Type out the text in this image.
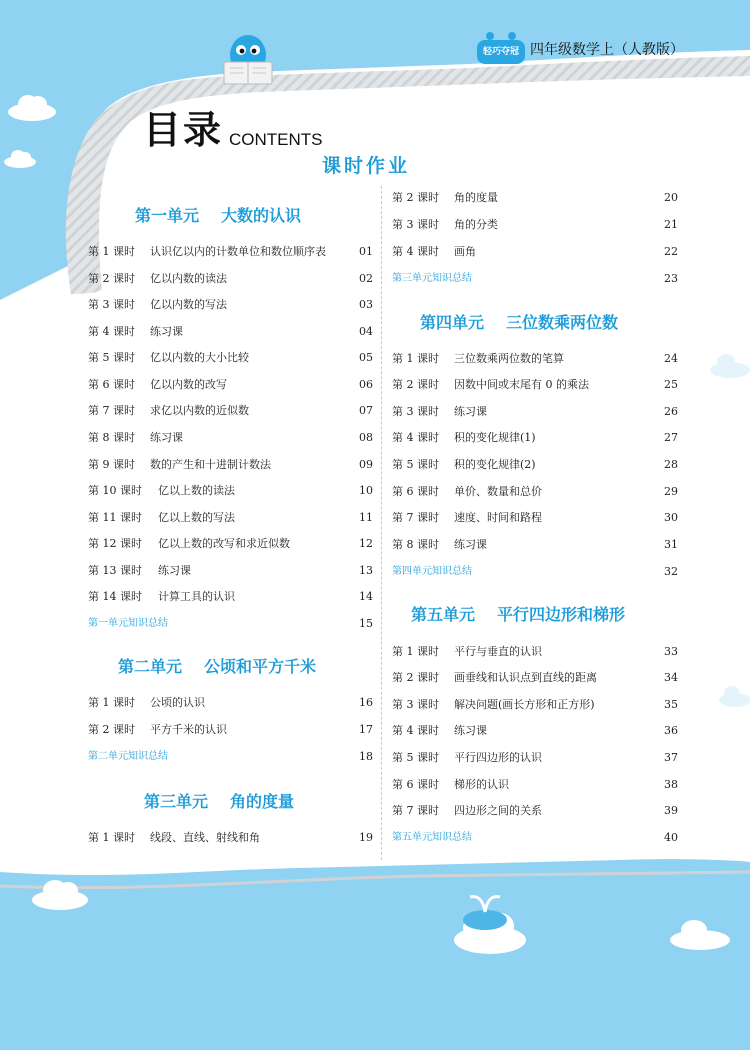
轻巧夺冠 四年级数学上（人教版）
目录 CONTENTS
课时作业
第一单元 大数的认识
第 1 课时 认识亿以内的计数单位和数位顺序表	01
第 2 课时 亿以内数的读法	02
第 3 课时 亿以内数的写法	03
第 4 课时 练习课	04
第 5 课时 亿以内数的大小比较	05
第 6 课时 亿以内数的改写	06
第 7 课时 求亿以内数的近似数	07
第 8 课时 练习课	08
第 9 课时 数的产生和十进制计数法	09
第 10 课时 亿以上数的读法	10
第 11 课时 亿以上数的写法	11
第 12 课时 亿以上数的改写和求近似数	12
第 13 课时 练习课	13
第 14 课时 计算工具的认识	14
第一单元知识总结	15
第二单元 公顷和平方千米
第 1 课时 公顷的认识	16
第 2 课时 平方千米的认识	17
第二单元知识总结	18
第三单元 角的度量
第 1 课时 线段、直线、射线和角	19
第 2 课时 角的度量	20
第 3 课时 角的分类	21
第 4 课时 画角	22
第三单元知识总结	23
第四单元 三位数乘两位数
第 1 课时 三位数乘两位数的笔算	24
第 2 课时 因数中间或末尾有 0 的乘法	25
第 3 课时 练习课	26
第 4 课时 积的变化规律(1)	27
第 5 课时 积的变化规律(2)	28
第 6 课时 单价、数量和总价	29
第 7 课时 速度、时间和路程	30
第 8 课时 练习课	31
第四单元知识总结	32
第五单元 平行四边形和梯形
第 1 课时 平行与垂直的认识	33
第 2 课时 画垂线和认识点到直线的距离	34
第 3 课时 解决问题(画长方形和正方形)	35
第 4 课时 练习课	36
第 5 课时 平行四边形的认识	37
第 6 课时 梯形的认识	38
第 7 课时 四边形之间的关系	39
第五单元知识总结	40
